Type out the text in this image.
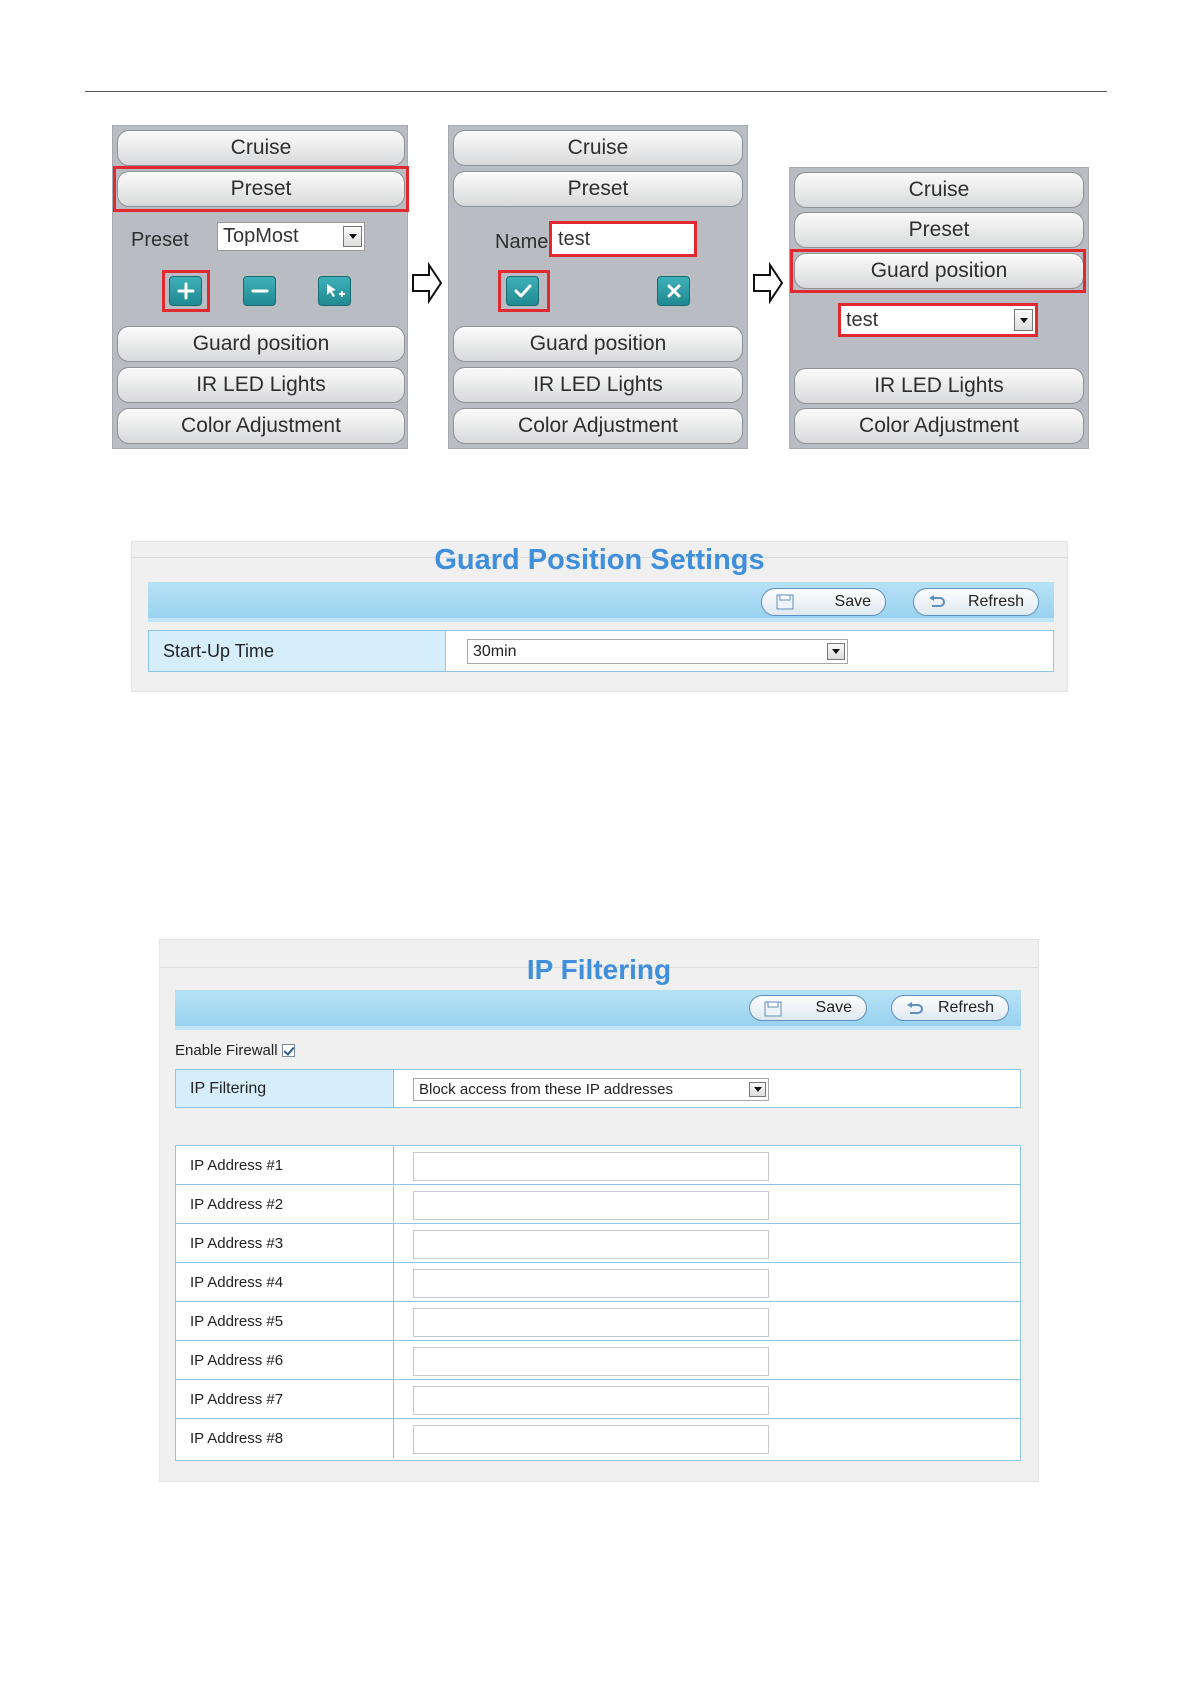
Cruise
Preset
Preset TopMost
Guard position
IR LED Lights
Color Adjustment
Cruise
Preset
Name test
Guard position
IR LED Lights
Color Adjustment
Cruise
Preset
Guard position
test
IR LED Lights
Color Adjustment
Guard Position Settings
Save	Refresh
Start-Up Time	30min
IP Filtering
Save	Refresh
Enable Firewall
IP Filtering	Block access from these IP addresses
IP Address #1
IP Address #2
IP Address #3
IP Address #4
IP Address #5
IP Address #6
IP Address #7
IP Address #8
